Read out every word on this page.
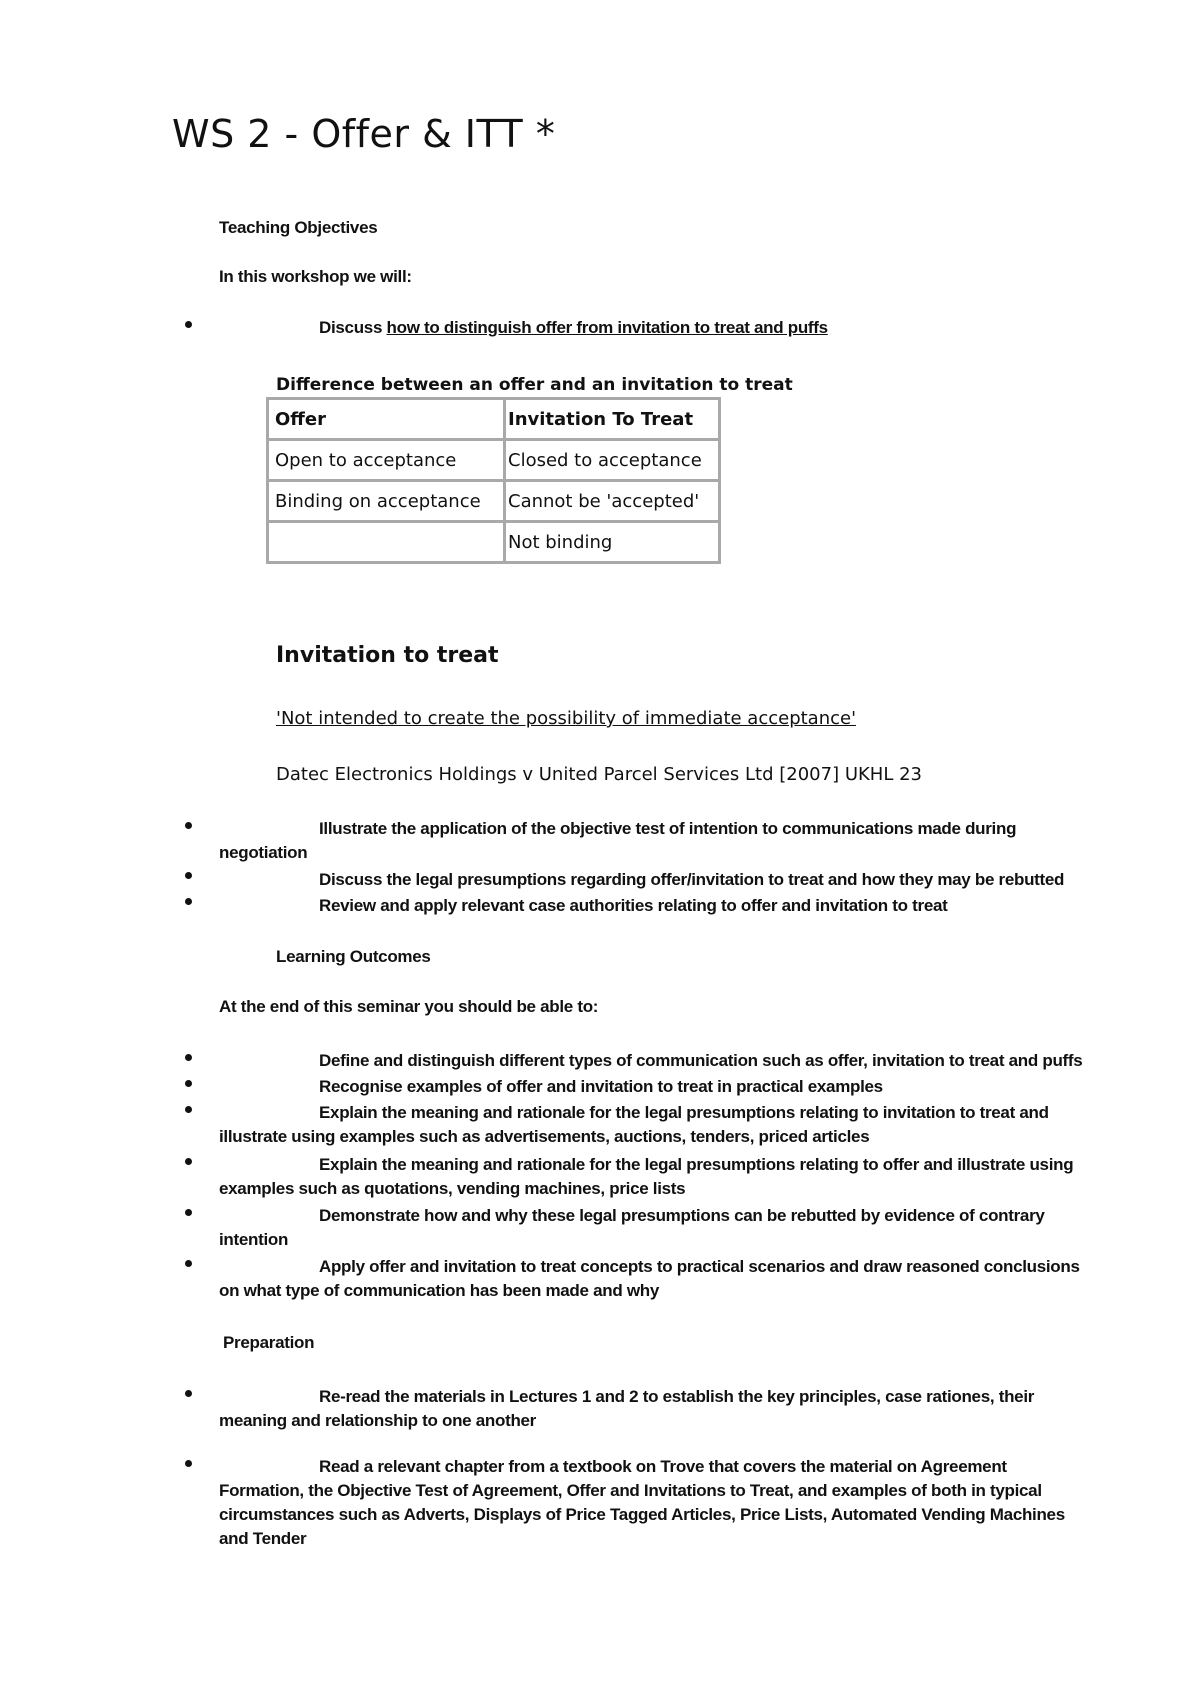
WS 2 - Offer & ITT *
Teaching Objectives
In this workshop we will:
Discuss how to distinguish offer from invitation to treat and puffs
Difference between an offer and an invitation to treat
Offer	Invitation To Treat
Open to acceptance	Closed to acceptance
Binding on acceptance	Cannot be 'accepted'
	Not binding
Invitation to treat
'Not intended to create the possibility of immediate acceptance'
Datec Electronics Holdings v United Parcel Services Ltd [2007] UKHL 23
Illustrate the application of the objective test of intention to communications made during
negotiation
Discuss the legal presumptions regarding offer/invitation to treat and how they may be rebutted
Review and apply relevant case authorities relating to offer and invitation to treat
Learning Outcomes
At the end of this seminar you should be able to:
Define and distinguish different types of communication such as offer, invitation to treat and puffs
Recognise examples of offer and invitation to treat in practical examples
Explain the meaning and rationale for the legal presumptions relating to invitation to treat and
illustrate using examples such as advertisements, auctions, tenders, priced articles
Explain the meaning and rationale for the legal presumptions relating to offer and illustrate using
examples such as quotations, vending machines, price lists
Demonstrate how and why these legal presumptions can be rebutted by evidence of contrary
intention
Apply offer and invitation to treat concepts to practical scenarios and draw reasoned conclusions
on what type of communication has been made and why
Preparation
Re-read the materials in Lectures 1 and 2 to establish the key principles, case rationes, their
meaning and relationship to one another
Read a relevant chapter from a textbook on Trove that covers the material on Agreement
Formation, the Objective Test of Agreement, Offer and Invitations to Treat, and examples of both in typical
circumstances such as Adverts, Displays of Price Tagged Articles, Price Lists, Automated Vending Machines
and Tender
